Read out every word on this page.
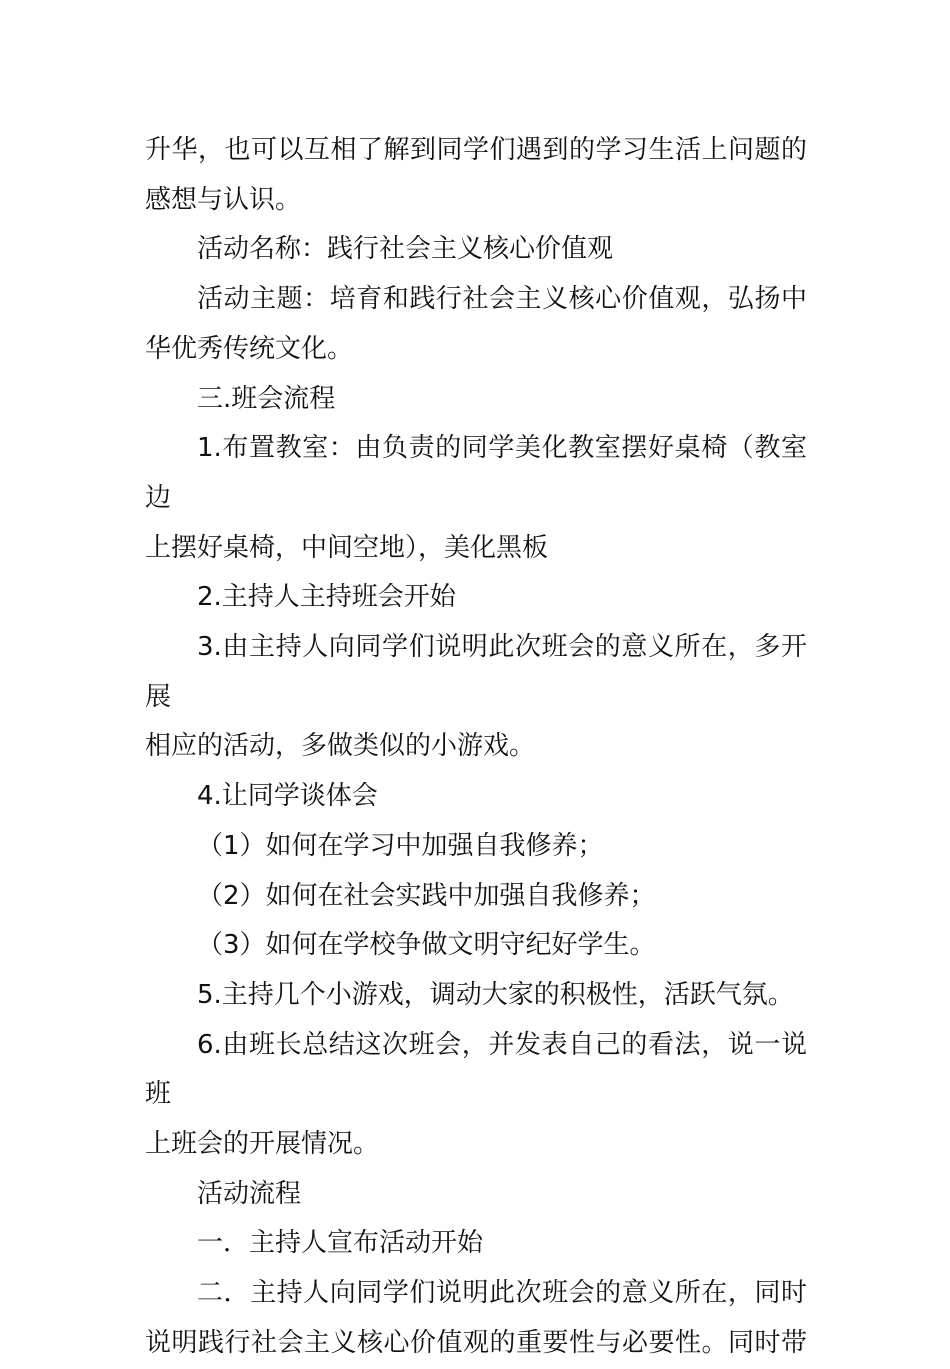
升华，也可以互相了解到同学们遇到的学习生活上问题的
感想与认识。

活动名称：践行社会主义核心价值观

活动主题：培育和践行社会主义核心价值观，弘扬中
华优秀传统文化。

三.班会流程

1.布置教室：由负责的同学美化教室摆好桌椅（教室边
上摆好桌椅，中间空地），美化黑板

2.主持人主持班会开始

3.由主持人向同学们说明此次班会的意义所在，多开展
相应的活动，多做类似的小游戏。

4.让同学谈体会

（1）如何在学习中加强自我修养；

（2）如何在社会实践中加强自我修养；

（3）如何在学校争做文明守纪好学生。

5.主持几个小游戏，调动大家的积极性，活跃气氛。

6.由班长总结这次班会，并发表自己的看法，说一说班
上班会的开展情况。

活动流程

一．主持人宣布活动开始

二．主持人向同学们说明此次班会的意义所在，同时
说明践行社会主义核心价值观的重要性与必要性。同时带
